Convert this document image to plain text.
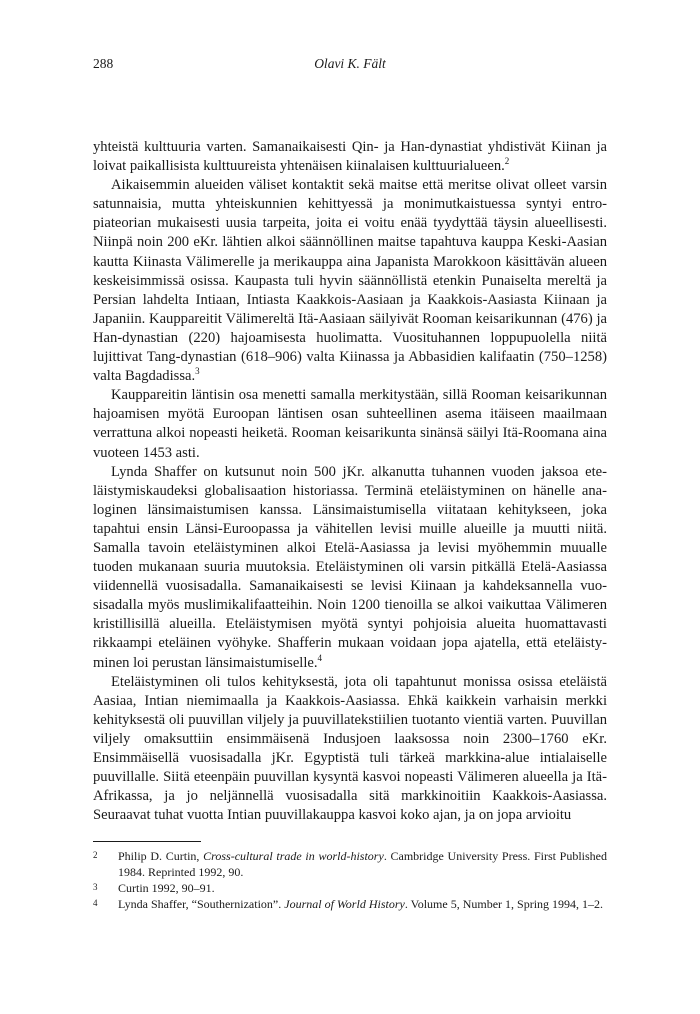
288	Olavi K. Fält

yhteistä kulttuuria varten. Samanaikaisesti Qin- ja Han-dynastiat yhdistivät Kiinan ja loivat paikallisista kulttuureista yhtenäisen kiinalaisen kulttuurialueen.$^2$

Aikaisemmin alueiden väliset kontaktit sekä maitse että meritse olivat olleet varsin satunnaisia, mutta yhteiskunnien kehittyessä ja monimutkaistuessa syntyi entropiateorian mukaisesti uusia tarpeita, joita ei voitu enää tyydyttää täysin alueellisesti. Niinpä noin 200 eKr. lähtien alkoi säännöllinen maitse tapahtuva kauppa Keski-Aasian kautta Kiinasta Välimerelle ja merikauppa aina Japanista Marokkoon käsittävän alueen keskeisimmissä osissa. Kaupasta tuli hyvin säännöllistä etenkin Punaiselta mereltä ja Persian lahdelta Intiaan, Intiasta Kaakkois-Aasiaan ja Kaakkois-Aasiasta Kiinaan ja Japaniin. Kauppareitit Välimereltä Itä-Aasiaan säilyivät Rooman keisarikunnan (476) ja Han-dynastian (220) hajoamisesta huolimatta. Vuosituhannen loppupuolella niitä lujittivat Tang-dynastian (618–906) valta Kiinassa ja Abbasidien kalifaatin (750–1258) valta Bagdadissa.$^3$

Kauppareitin läntisin osa menetti samalla merkitystään, sillä Rooman keisarikunnan hajoamisen myötä Euroopan läntisen osan suhteellinen asema itäiseen maailmaan verrattuna alkoi nopeasti heiketä. Rooman keisarikunta sinänsä säilyi Itä-Roomana aina vuoteen 1453 asti.

Lynda Shaffer on kutsunut noin 500 jKr. alkanutta tuhannen vuoden jaksoa eteläistymiskaudeksi globalisaation historiassa. Terminä eteläistyminen on hänelle analoginen länsimaistumisen kanssa. Länsimaistumisella viitataan kehitykseen, joka tapahtui ensin Länsi-Euroopassa ja vähitellen levisi muille alueille ja muutti niitä. Samalla tavoin eteläistyminen alkoi Etelä-Aasiassa ja levisi myöhemmin muualle tuoden mukanaan suuria muutoksia. Eteläistyminen oli varsin pitkällä Etelä-Aasiassa viidennellä vuosisadalla. Samanaikaisesti se levisi Kiinaan ja kahdeksannella vuosisadalla myös muslimikalifaatteihin. Noin 1200 tienoilla se alkoi vaikuttaa Välimeren kristillisillä alueilla. Eteläistymisen myötä syntyi pohjoisia alueita huomattavasti rikkaampi eteläinen vyöhyke. Shafferin mukaan voidaan jopa ajatella, että eteläistyminen loi perustan länsimaistumiselle.$^4$

Eteläistyminen oli tulos kehityksestä, jota oli tapahtunut monissa osissa eteläistä Aasiaa, Intian niemimaalla ja Kaakkois-Aasiassa. Ehkä kaikkein varhaisin merkki kehityksestä oli puuvillan viljely ja puuvillatekstiilien tuotanto vientiä varten. Puuvillan viljely omaksuttiin ensimmäisenä Indusjoen laaksossa noin 2300–1760 eKr. Ensimmäisellä vuosisadalla jKr. Egyptistä tuli tärkeä markkina-alue intialaiselle puuvillalle. Siitä eteenpäin puuvillan kysyntä kasvoi nopeasti Välimeren alueella ja Itä-Afrikassa, ja jo neljännellä vuosisadalla sitä markkinoitiin Kaakkois-Aasiassa. Seuraavat tuhat vuotta Intian puuvillakauppa kasvoi koko ajan, ja on jopa arvioitu

2	Philip D. Curtin, Cross-cultural trade in world-history. Cambridge University Press. First Published 1984. Reprinted 1992, 90.
3	Curtin 1992, 90–91.
4	Lynda Shaffer, “Southernization”. Journal of World History. Volume 5, Number 1, Spring 1994, 1–2.
